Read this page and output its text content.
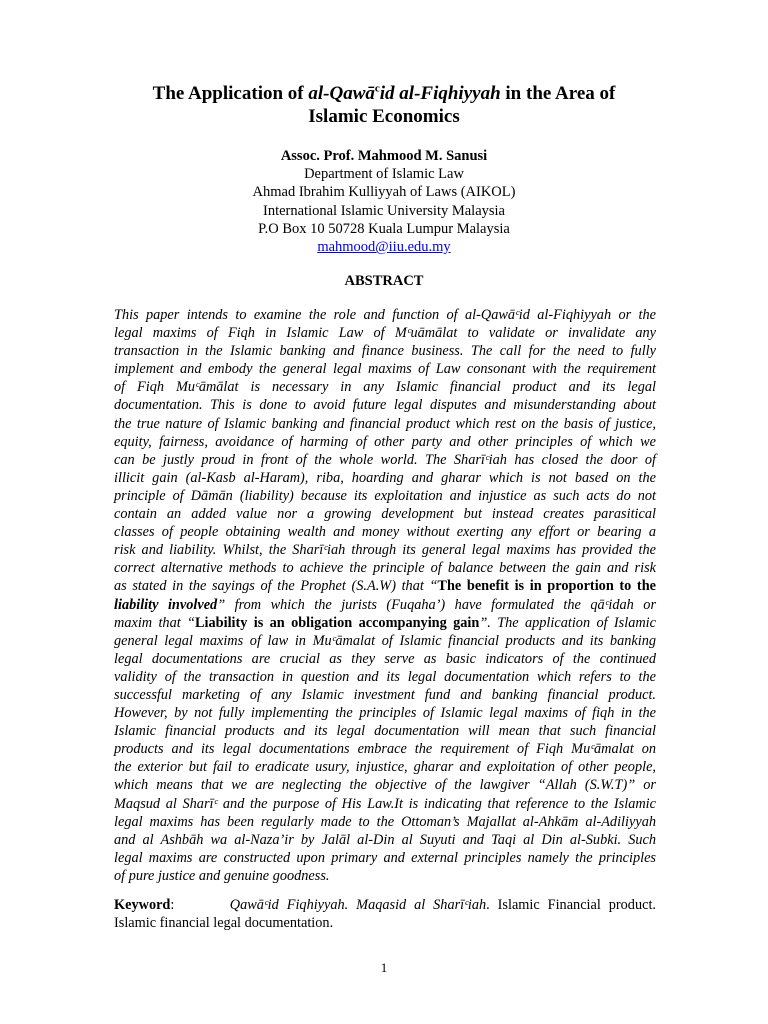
The Application of al-Qawā$^c$id al-Fiqhiyyah in the Area of
Islamic Economics
Assoc. Prof. Mahmood M. Sanusi
Department of Islamic Law
Ahmad Ibrahim Kulliyyah of Laws (AIKOL)
International Islamic University Malaysia
P.O Box 10 50728 Kuala Lumpur Malaysia
mahmood@iiu.edu.my
ABSTRACT
This paper intends to examine the role and function of al-Qawāᶜid al-Fiqhiyyah or the
legal maxims of Fiqh in Islamic Law of Mᶜuāmālat to validate or invalidate any
transaction in the Islamic banking and finance business. The call for the need to fully
implement and embody the general legal maxims of Law consonant with the requirement
of Fiqh Muᶜāmālat is necessary in any Islamic financial product and its legal
documentation. This is done to avoid future legal disputes and misunderstanding about
the true nature of Islamic banking and financial product which rest on the basis of justice,
equity, fairness, avoidance of harming of other party and other principles of which we
can be justly proud in front of the whole world. The Sharīᶜiah has closed the door of
illicit gain (al-Kasb al-Haram), riba, hoarding and gharar which is not based on the
principle of Dāmān (liability) because its exploitation and injustice as such acts do not
contain an added value nor a growing development but instead creates parasitical
classes of people obtaining wealth and money without exerting any effort or bearing a
risk and liability. Whilst, the Sharīᶜiah through its general legal maxims has provided the
correct alternative methods to achieve the principle of balance between the gain and risk
as stated in the sayings of the Prophet (S.A.W) that “The benefit is in proportion to the
liability involved” from which the jurists (Fuqaha’) have formulated the qāᶜidah or
maxim that “Liability is an obligation accompanying gain”. The application of Islamic
general legal maxims of law in Muᶜāmalat of Islamic financial products and its banking
legal documentations are crucial as they serve as basic indicators of the continued
validity of the transaction in question and its legal documentation which refers to the
successful marketing of any Islamic investment fund and banking financial product.
However, by not fully implementing the principles of Islamic legal maxims of fiqh in the
Islamic financial products and its legal documentation will mean that such financial
products and its legal documentations embrace the requirement of Fiqh Muᶜāmalat on
the exterior but fail to eradicate usury, injustice, gharar and exploitation of other people,
which means that we are neglecting the objective of the lawgiver “Allah (S.W.T)” or
Maqsud al Sharīᶜ and the purpose of His Law.It is indicating that reference to the Islamic
legal maxims has been regularly made to the Ottoman’s Majallat al-Ahkām al-Adiliyyah
and al Ashbāh wa al-Naza’ir by Jalāl al-Din al Suyuti and Taqi al Din al-Subki. Such
legal maxims are constructed upon primary and external principles namely the principles
of pure justice and genuine goodness.
Keyword:	Qawāᶜid Fiqhiyyah. Maqasid al Sharīᶜiah. Islamic Financial product.
Islamic financial legal documentation.
1
